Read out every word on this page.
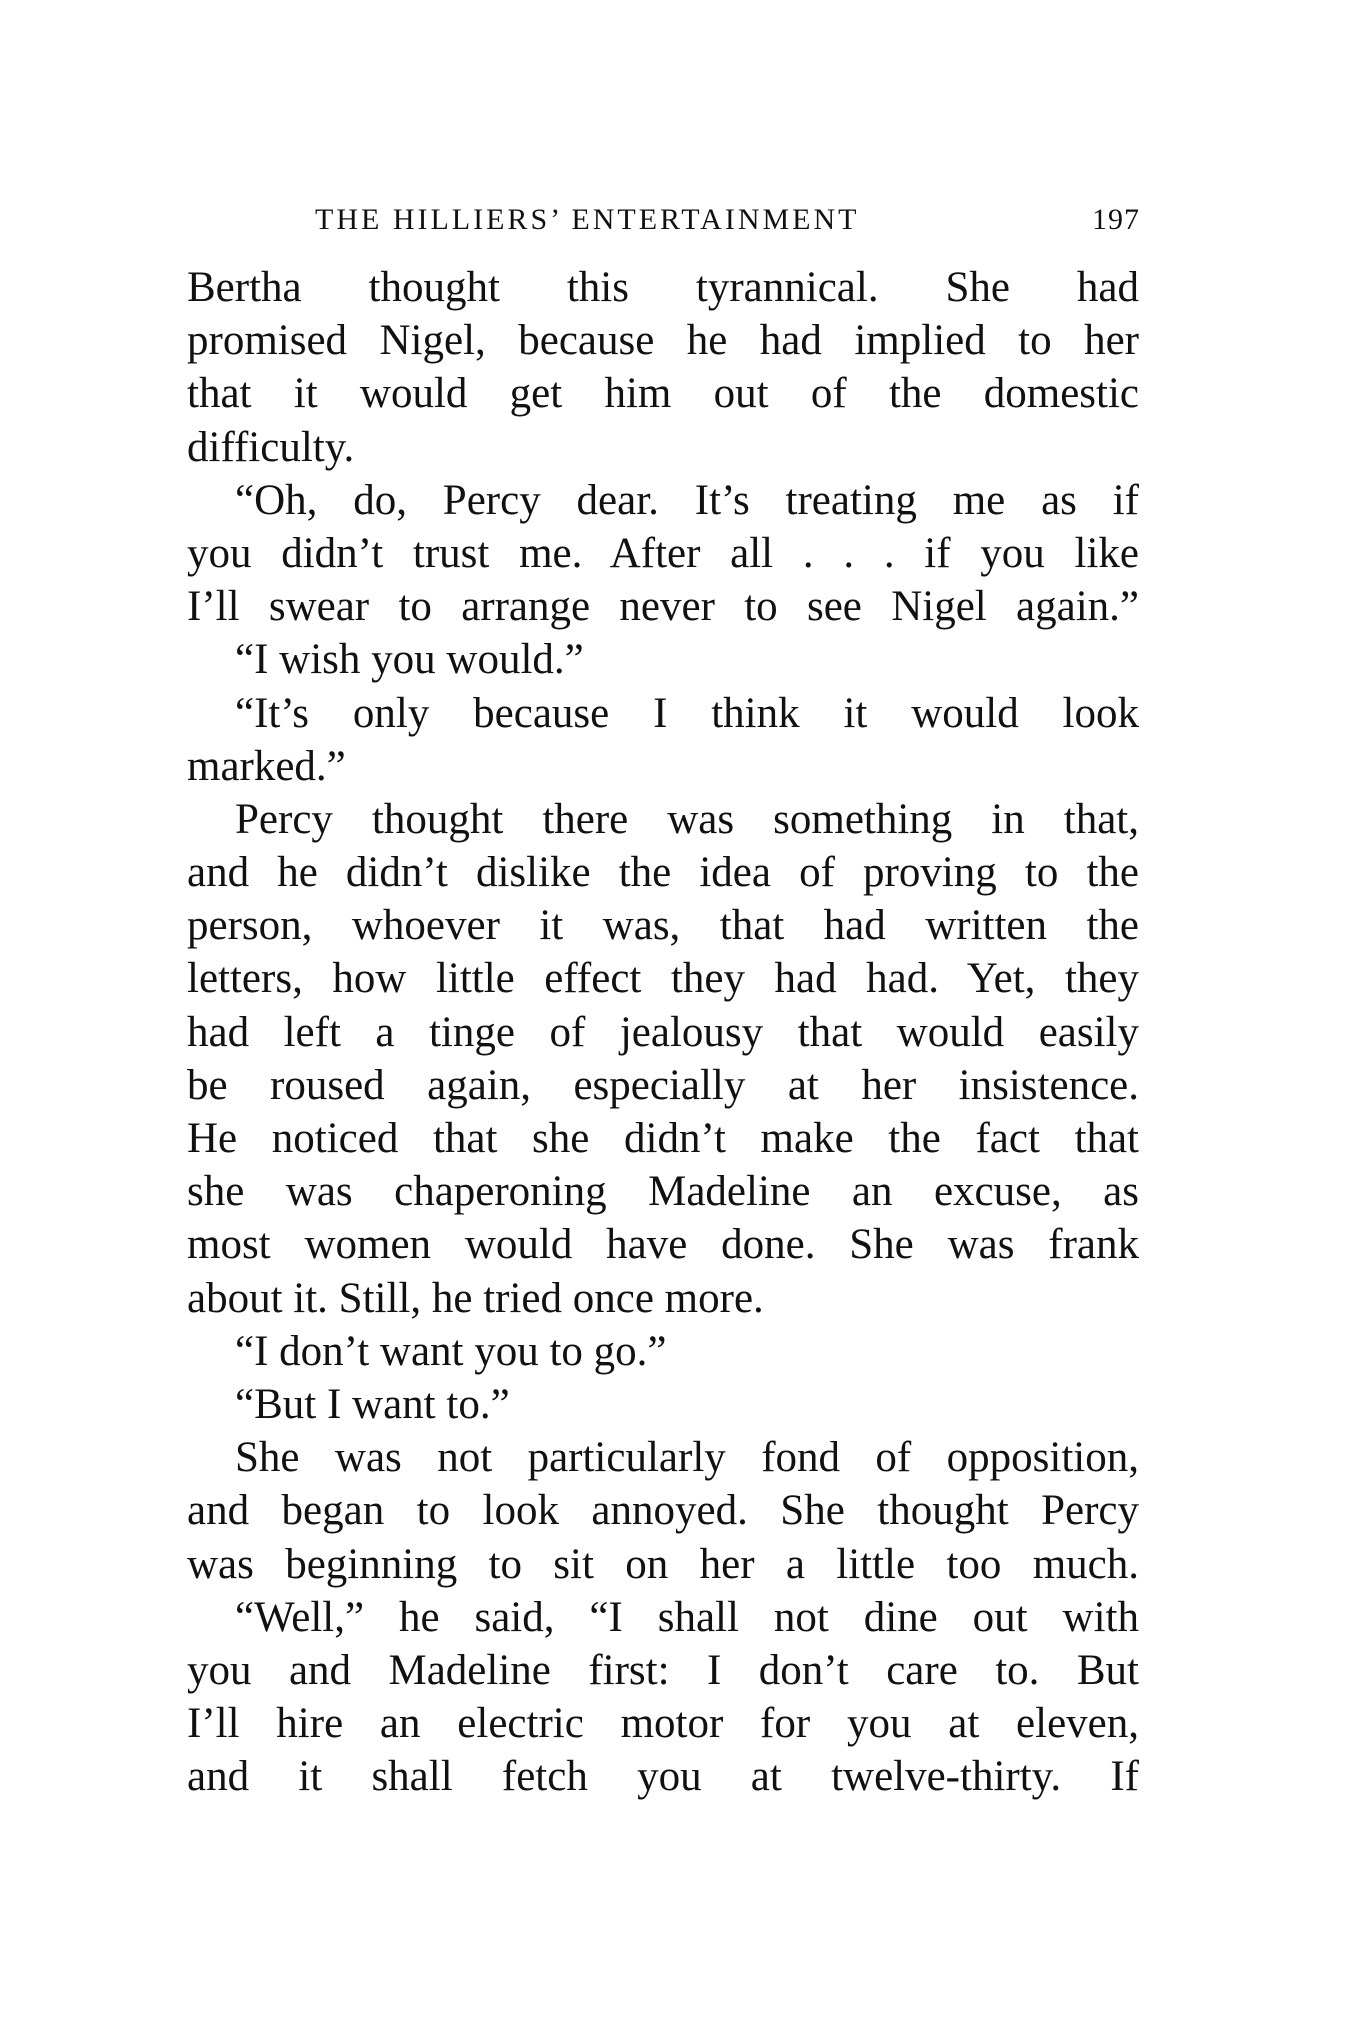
THE HILLIERS’ ENTERTAINMENT	197
Bertha thought this tyrannical. She had
promised Nigel, because he had implied to her
that it would get him out of the domestic
difficulty.
“Oh, do, Percy dear. It’s treating me as if
you didn’t trust me. After all . . . if you like
I’ll swear to arrange never to see Nigel again.”
“I wish you would.”
“It’s only because I think it would look
marked.”
Percy thought there was something in that,
and he didn’t dislike the idea of proving to the
person, whoever it was, that had written the
letters, how little effect they had had. Yet, they
had left a tinge of jealousy that would easily
be roused again, especially at her insistence.
He noticed that she didn’t make the fact that
she was chaperoning Madeline an excuse, as
most women would have done. She was frank
about it. Still, he tried once more.
“I don’t want you to go.”
“But I want to.”
She was not particularly fond of opposition,
and began to look annoyed. She thought Percy
was beginning to sit on her a little too much.
“Well,” he said, “I shall not dine out with
you and Madeline first: I don’t care to. But
I’ll hire an electric motor for you at eleven,
and it shall fetch you at twelve-thirty. If
